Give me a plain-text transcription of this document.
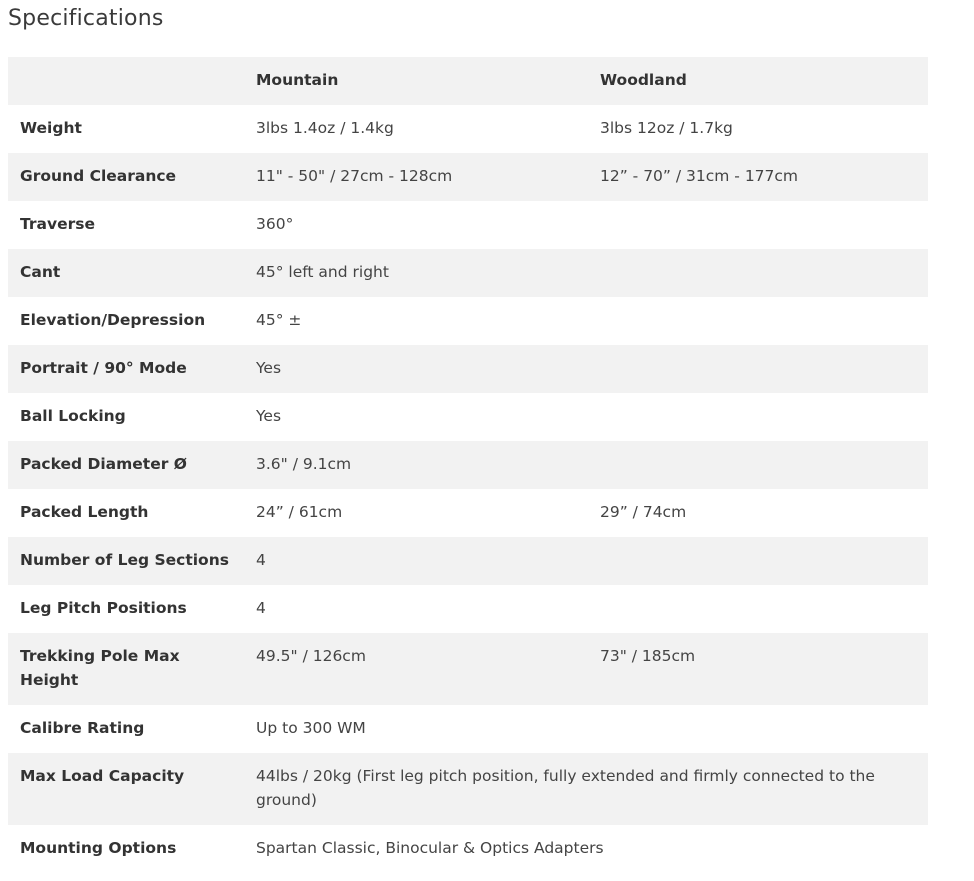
Specifications
	Mountain	Woodland
Weight	3lbs 1.4oz / 1.4kg	3lbs 12oz / 1.7kg
Ground Clearance	11" - 50" / 27cm - 128cm	12” - 70” / 31cm - 177cm
Traverse	360°	
Cant	45° left and right	
Elevation/Depression	45° ±	
Portrait / 90° Mode	Yes	
Ball Locking	Yes	
Packed Diameter Ø	3.6" / 9.1cm	
Packed Length	24” / 61cm	29” / 74cm
Number of Leg Sections	4	
Leg Pitch Positions	4	
Trekking Pole Max Height	49.5" / 126cm	73" / 185cm
Calibre Rating	Up to 300 WM	
Max Load Capacity	44lbs / 20kg (First leg pitch position, fully extended and firmly connected to the ground)	
Mounting Options	Spartan Classic, Binocular & Optics Adapters	
